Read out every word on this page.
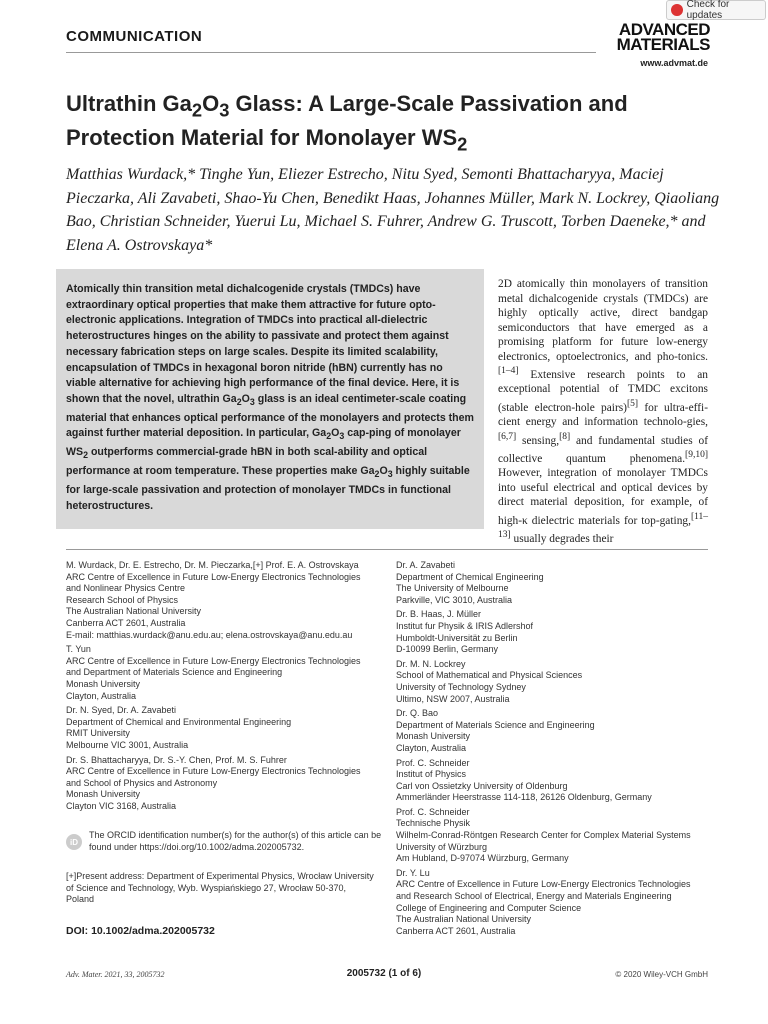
COMMUNICATION
Check for updates
ADVANCED
MATERIALS
www.advmat.de
Ultrathin $Ga_2O_3$ Glass: A Large-Scale Passivation and Protection Material for Monolayer $WS_2$
Matthias Wurdack,* Tinghe Yun, Eliezer Estrecho, Nitu Syed, Semonti Bhattacharyya, Maciej Pieczarka, Ali Zavabeti, Shao-Yu Chen, Benedikt Haas, Johannes Müller, Mark N. Lockrey, Qiaoliang Bao, Christian Schneider, Yuerui Lu, Michael S. Fuhrer, Andrew G. Truscott, Torben Daeneke,* and Elena A. Ostrovskaya*
Atomically thin transition metal dichalcogenide crystals (TMDCs) have extraordinary optical properties that make them attractive for future opto-electronic applications. Integration of TMDCs into practical all-dielectric heterostructures hinges on the ability to passivate and protect them against necessary fabrication steps on large scales. Despite its limited scalability, encapsulation of TMDCs in hexagonal boron nitride (hBN) currently has no viable alternative for achieving high performance of the final device. Here, it is shown that the novel, ultrathin $Ga_2O_3$ glass is an ideal centimeter-scale coating material that enhances optical performance of the monolayers and protects them against further material deposition. In particular, $Ga_2O_3$ cap-ping of monolayer $WS_2$ outperforms commercial-grade hBN in both scal-ability and optical performance at room temperature. These properties make $Ga_2O_3$ highly suitable for large-scale passivation and protection of monolayer TMDCs in functional heterostructures.
2D atomically thin monolayers of transition metal dichalcogenide crystals (TMDCs) are highly optically active, direct bandgap semiconductors that have emerged as a promising platform for future low-energy electronics, optoelectronics, and pho-tonics.[1–4] Extensive research points to an exceptional potential of TMDC excitons (stable electron-hole pairs)[5] for ultra-effi-cient energy and information technolo-gies,[6,7] sensing,[8] and fundamental studies of collective quantum phenomena.[9,10] However, integration of monolayer TMDCs into useful electrical and optical devices by direct material deposition, for example, of high-κ dielectric materials for top-gating,[11–13] usually degrades their
M. Wurdack, Dr. E. Estrecho, Dr. M. Pieczarka,[+] Prof. E. A. Ostrovskaya
ARC Centre of Excellence in Future Low-Energy Electronics Technologies
and Nonlinear Physics Centre
Research School of Physics
The Australian National University
Canberra ACT 2601, Australia
E-mail: matthias.wurdack@anu.edu.au; elena.ostrovskaya@anu.edu.au
T. Yun
ARC Centre of Excellence in Future Low-Energy Electronics Technologies
and Department of Materials Science and Engineering
Monash University
Clayton, Australia
Dr. N. Syed, Dr. A. Zavabeti
Department of Chemical and Environmental Engineering
RMIT University
Melbourne VIC 3001, Australia
Dr. S. Bhattacharyya, Dr. S.-Y. Chen, Prof. M. S. Fuhrer
ARC Centre of Excellence in Future Low-Energy Electronics Technologies
and School of Physics and Astronomy
Monash University
Clayton VIC 3168, Australia
Dr. A. Zavabeti
Department of Chemical Engineering
The University of Melbourne
Parkville, VIC 3010, Australia
Dr. B. Haas, J. Müller
Institut fur Physik & IRIS Adlershof
Humboldt-Universität zu Berlin
D-10099 Berlin, Germany
Dr. M. N. Lockrey
School of Mathematical and Physical Sciences
University of Technology Sydney
Ultimo, NSW 2007, Australia
Dr. Q. Bao
Department of Materials Science and Engineering
Monash University
Clayton, Australia
Prof. C. Schneider
Institut of Physics
Carl von Ossietzky University of Oldenburg
Ammerländer Heerstrasse 114-118, 26126 Oldenburg, Germany
Prof. C. Schneider
Technische Physik
Wilhelm-Conrad-Röntgen Research Center for Complex Material Systems
University of Würzburg
Am Hubland, D-97074 Würzburg, Germany
Dr. Y. Lu
ARC Centre of Excellence in Future Low-Energy Electronics Technologies
and Research School of Electrical, Energy and Materials Engineering
College of Engineering and Computer Science
The Australian National University
Canberra ACT 2601, Australia
iD
The ORCID identification number(s) for the author(s) of this article can be found under https://doi.org/10.1002/adma.202005732.
[+]Present address: Department of Experimental Physics, Wrocław University of Science and Technology, Wyb. Wyspiańskiego 27, Wrocław 50-370, Poland
DOI: 10.1002/adma.202005732
Adv. Mater. 2021, 33, 2005732	2005732 (1 of 6)	© 2020 Wiley-VCH GmbH
